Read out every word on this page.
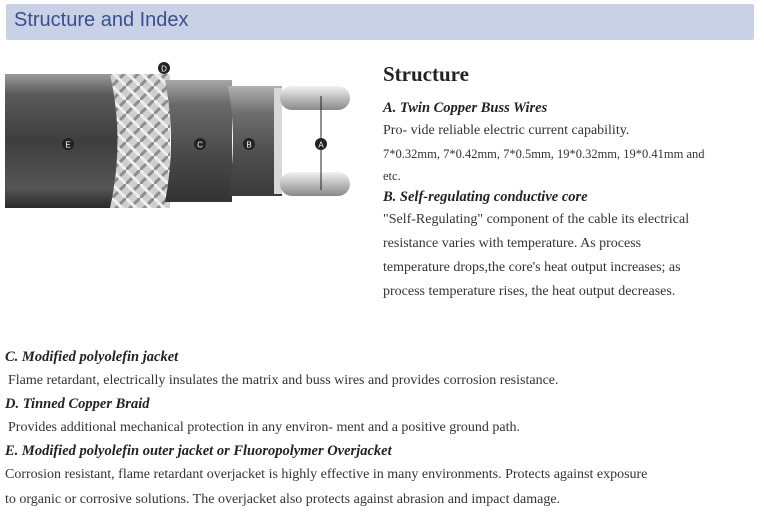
Structure and Index
E
D
C	B	A
Structure
A. Twin Copper Buss Wires
Pro- vide reliable electric current capability.
7*0.32mm, 7*0.42mm, 7*0.5mm, 19*0.32mm, 19*0.41mm and
etc.
B. Self-regulating conductive core
"Self-Regulating" component of the cable its electrical
resistance varies with temperature. As process
temperature drops,the core's heat output increases; as
process temperature rises, the heat output decreases.
C. Modified polyolefin jacket
Flame retardant, electrically insulates the matrix and buss wires and provides corrosion resistance.
D. Tinned Copper Braid
Provides additional mechanical protection in any environ- ment and a positive ground path.
E. Modified polyolefin outer jacket or Fluoropolymer Overjacket
Corrosion resistant, flame retardant overjacket is highly effective in many environments. Protects against exposure
to organic or corrosive solutions. The overjacket also protects against abrasion and impact damage.
